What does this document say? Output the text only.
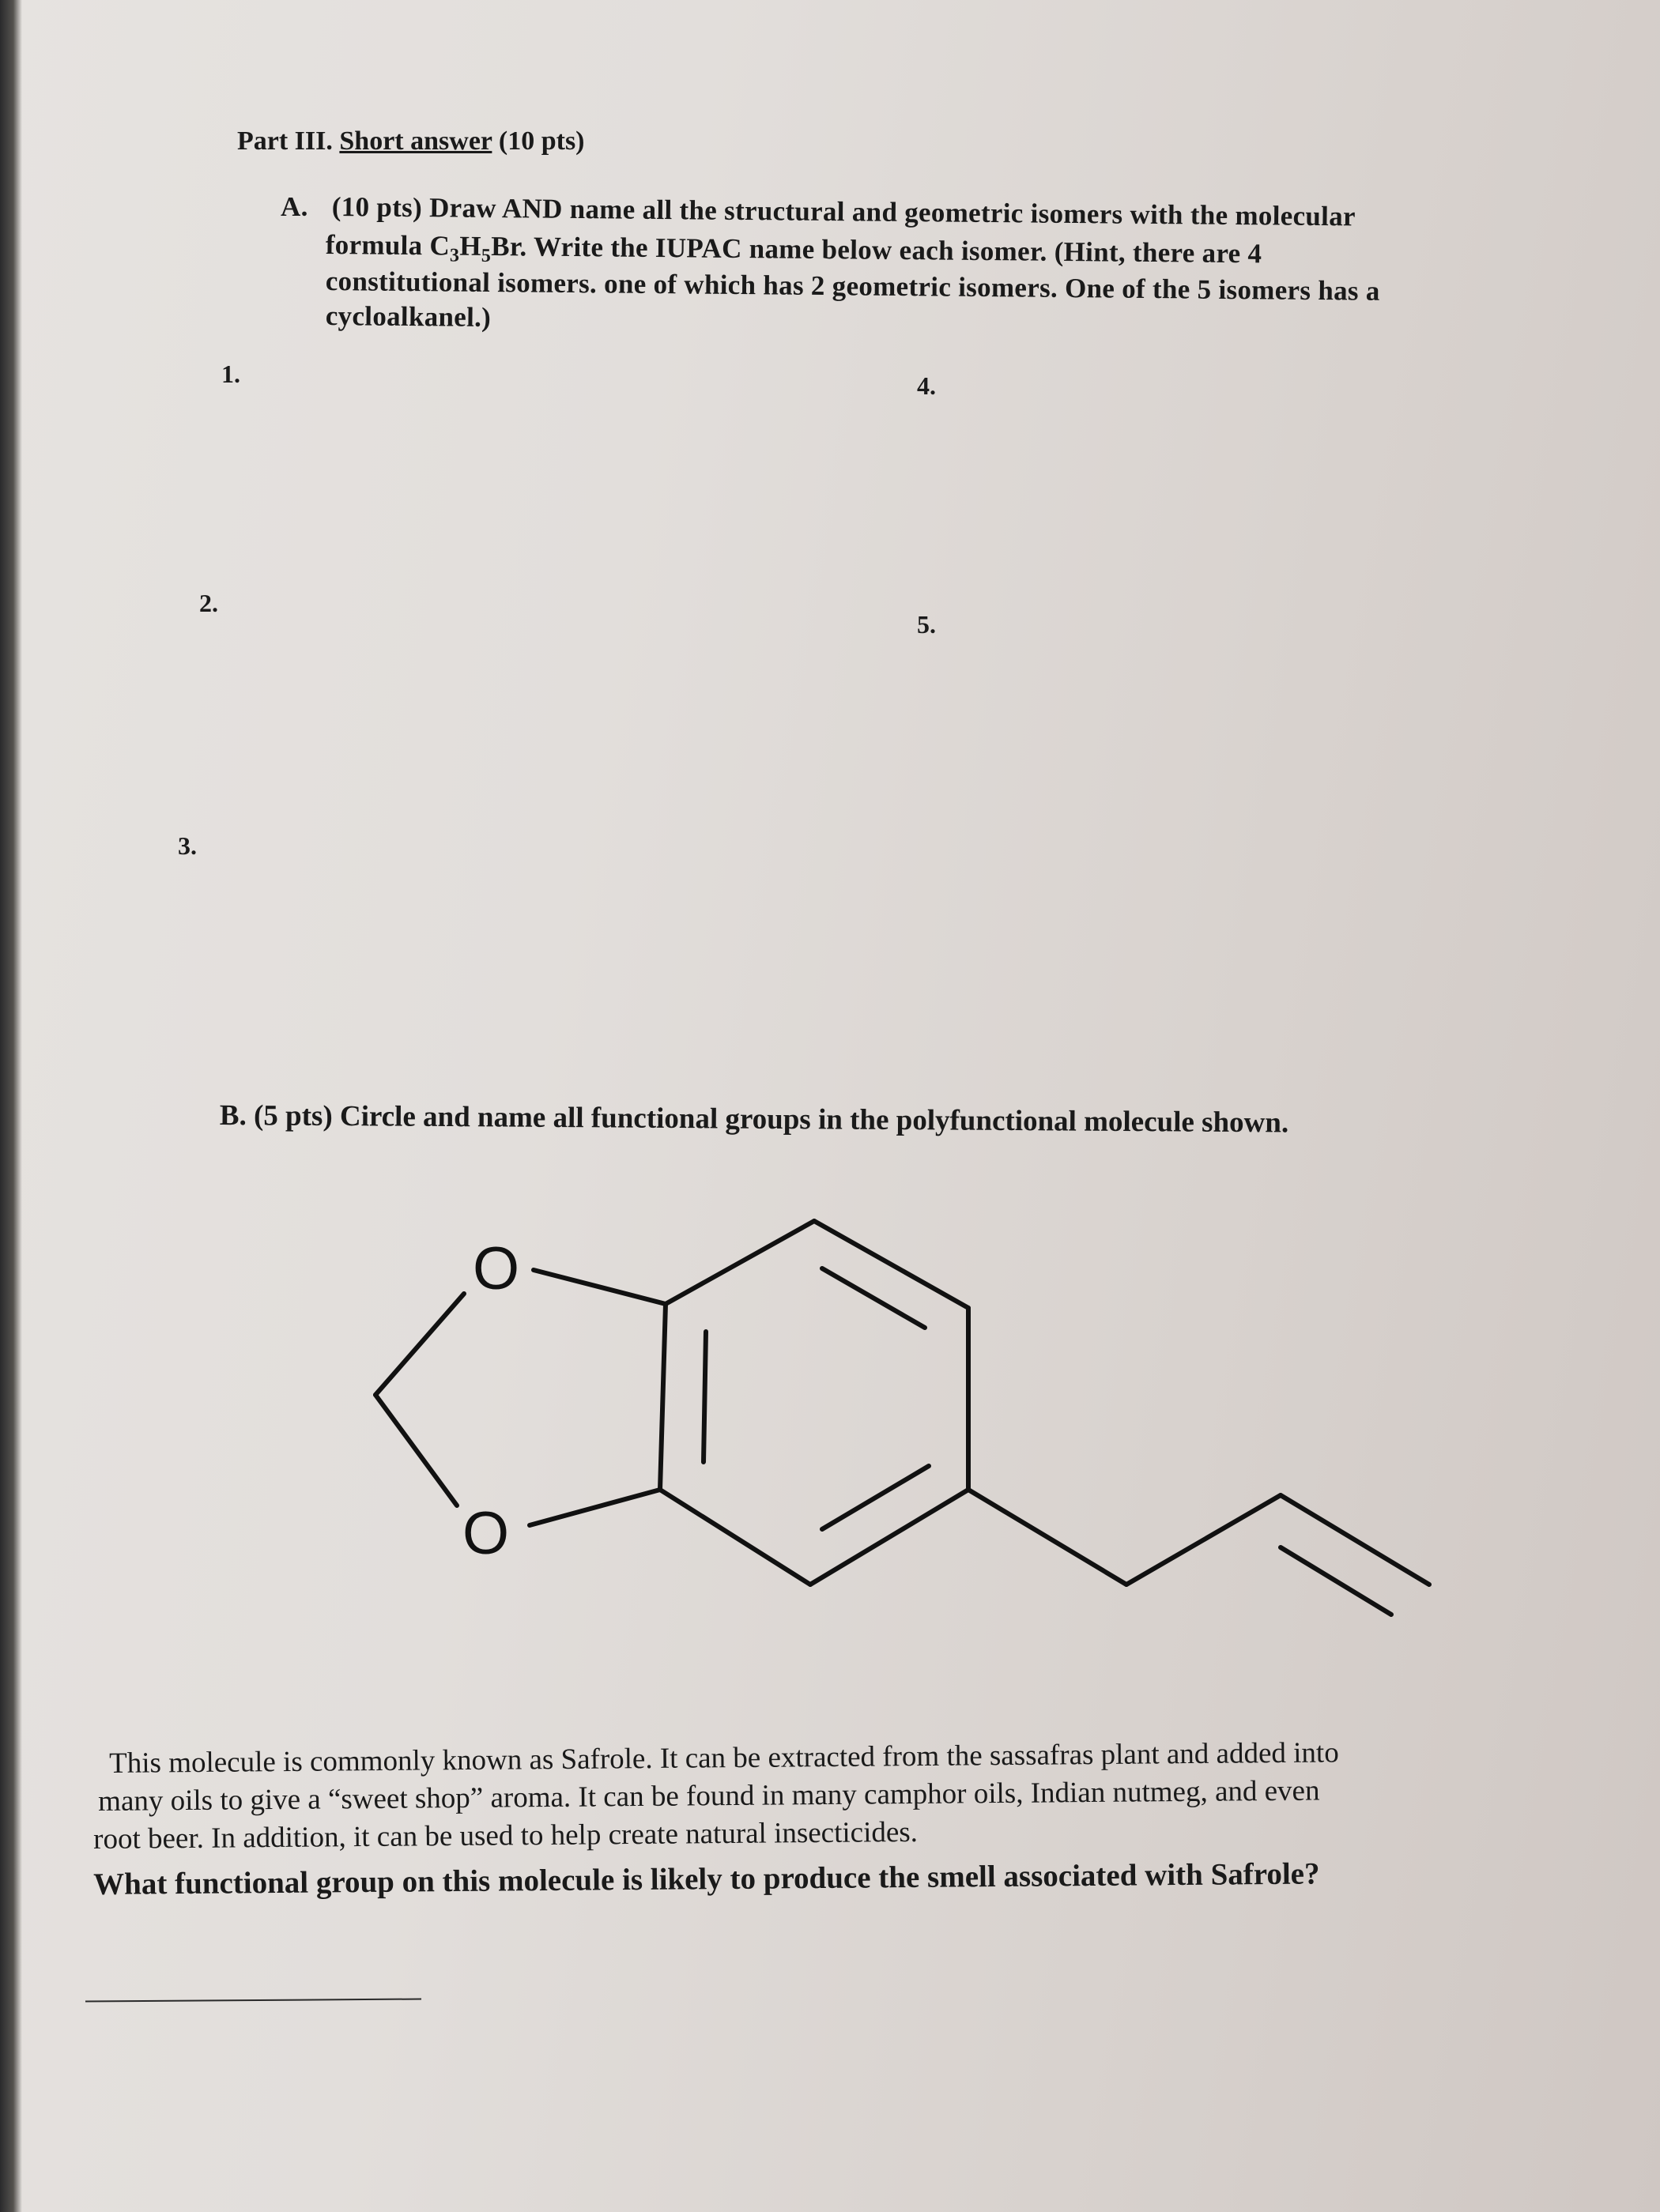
Part III. Short answer (10 pts)
A. (10 pts) Draw AND name all the structural and geometric isomers with the molecular
formula $C_3H_5Br$. Write the IUPAC name below each isomer. (Hint, there are 4
constitutional isomers. one of which has 2 geometric isomers. One of the 5 isomers has a
cycloalkanel.)
1.
2.
3.
4.
5.
B. (5 pts) Circle and name all functional groups in the polyfunctional molecule shown.
O
O
This molecule is commonly known as Safrole. It can be extracted from the sassafras plant and added into
many oils to give a “sweet shop” aroma. It can be found in many camphor oils, Indian nutmeg, and even
root beer. In addition, it can be used to help create natural insecticides.
What functional group on this molecule is likely to produce the smell associated with Safrole?
